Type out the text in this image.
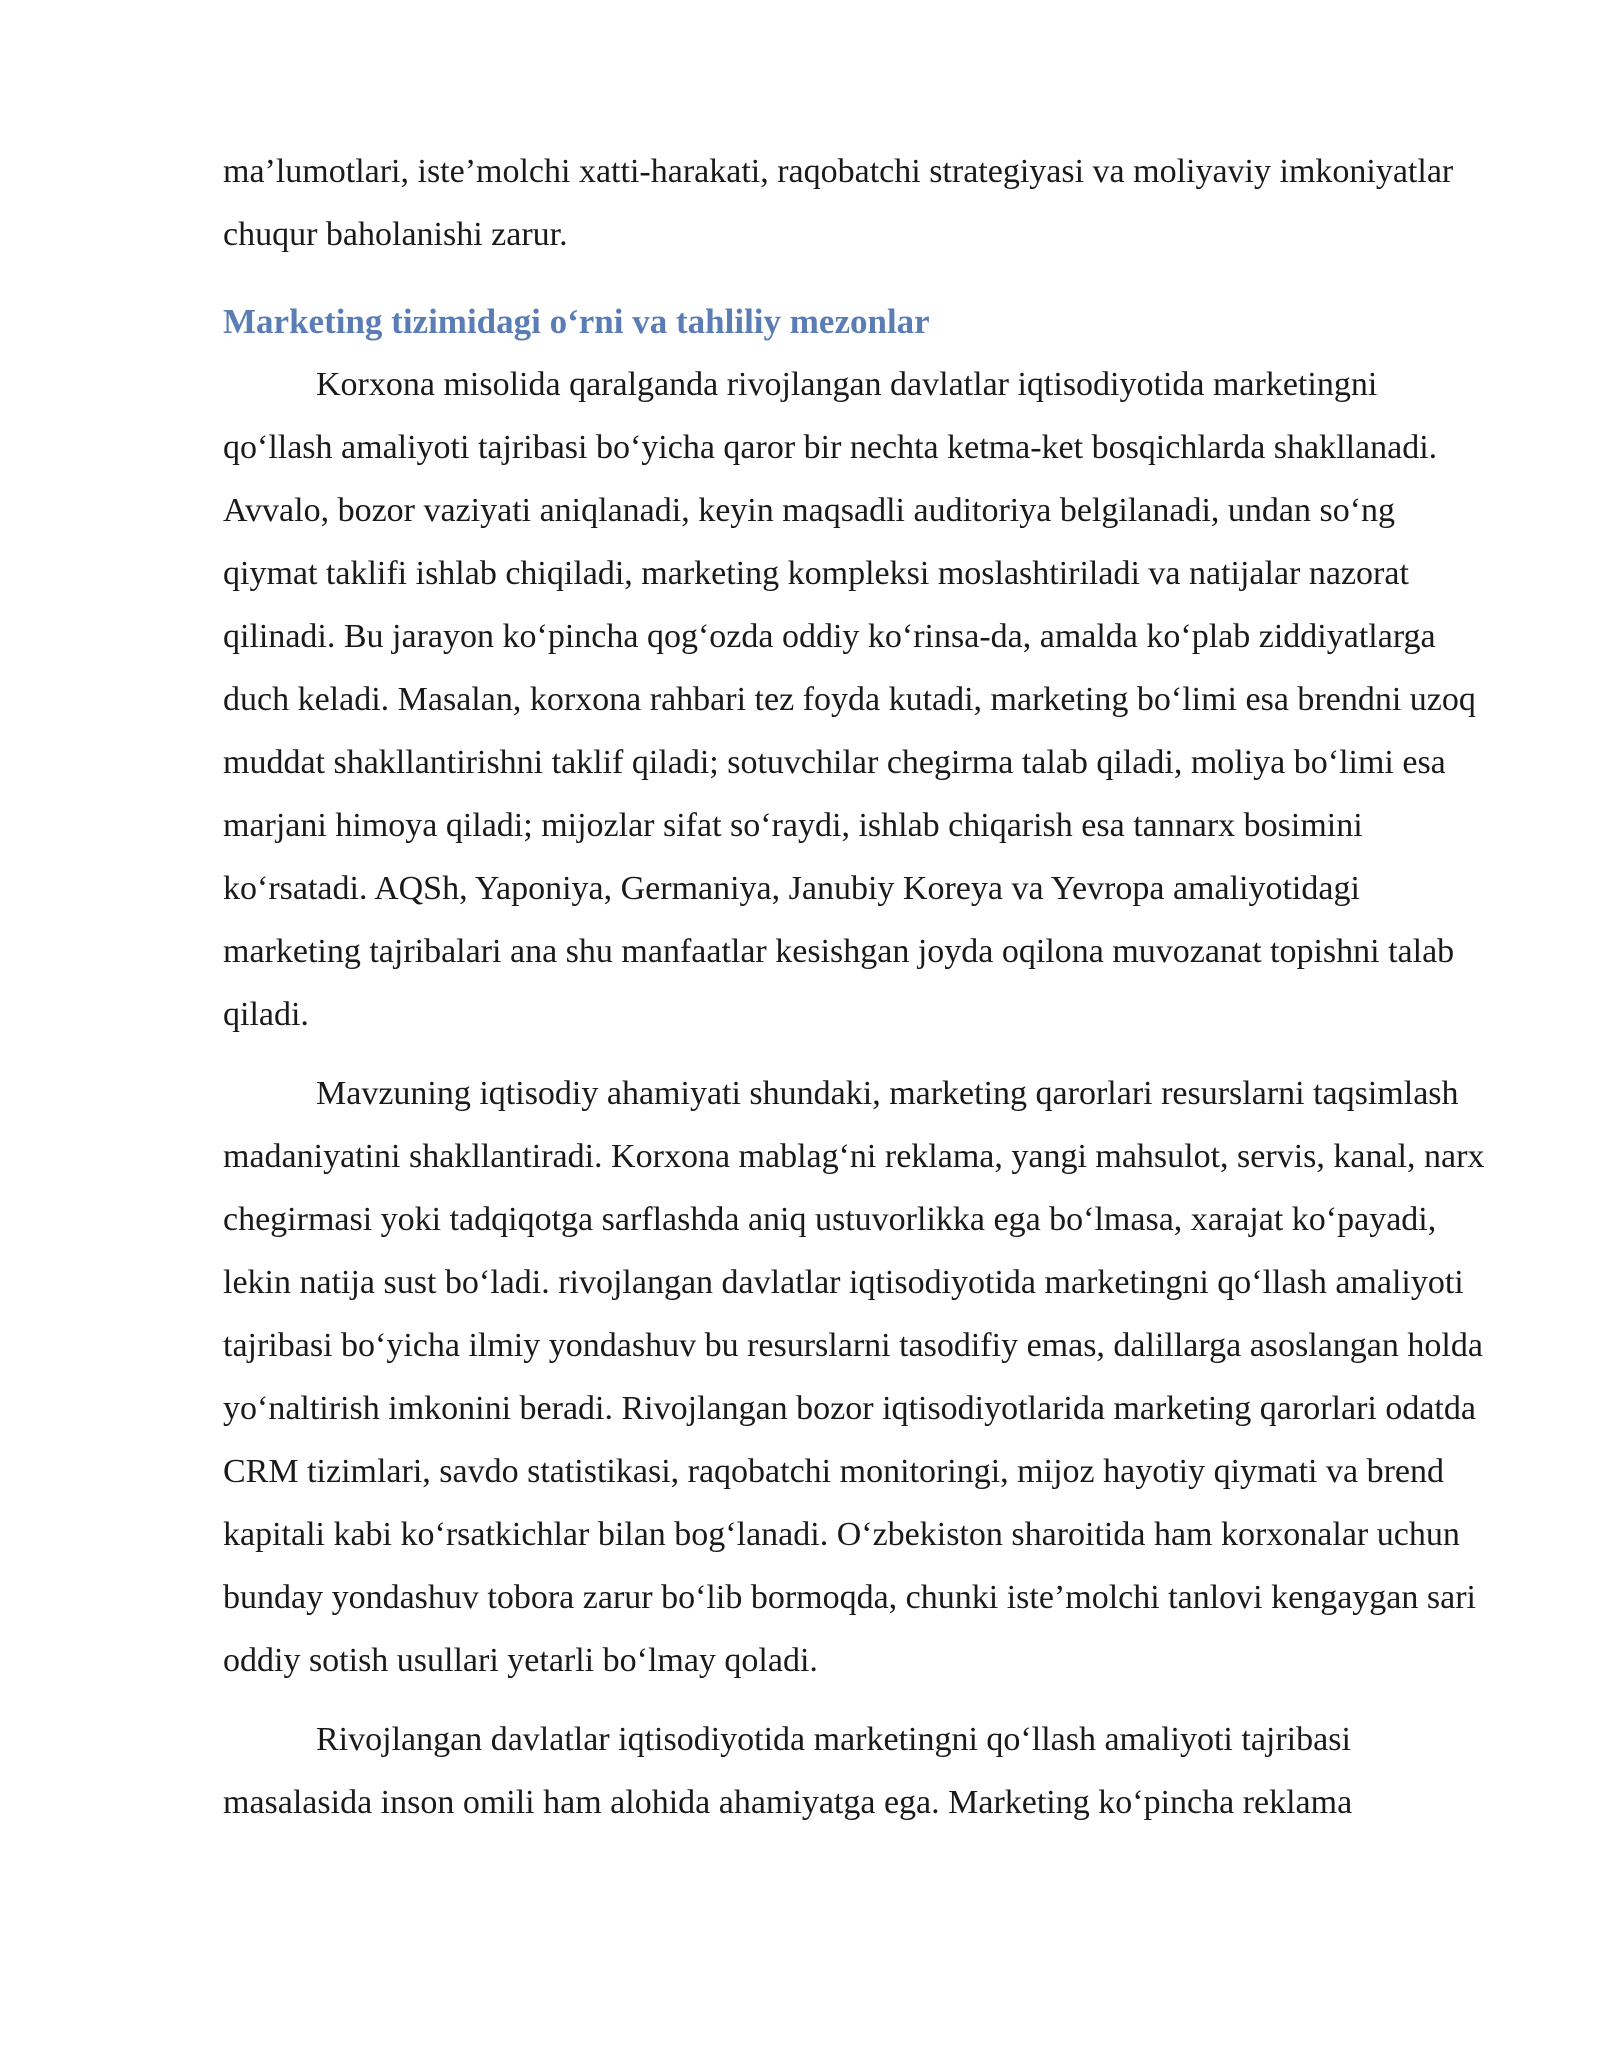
ma’lumotlari, iste’molchi xatti-harakati, raqobatchi strategiyasi va moliyaviy imkoniyatlar chuqur baholanishi zarur.

Marketing tizimidagi o‘rni va tahliliy mezonlar

Korxona misolida qaralganda rivojlangan davlatlar iqtisodiyotida marketingni qo‘llash amaliyoti tajribasi bo‘yicha qaror bir nechta ketma-ket bosqichlarda shakllanadi. Avvalo, bozor vaziyati aniqlanadi, keyin maqsadli auditoriya belgilanadi, undan so‘ng qiymat taklifi ishlab chiqiladi, marketing kompleksi moslashtiriladi va natijalar nazorat qilinadi. Bu jarayon ko‘pincha qog‘ozda oddiy ko‘rinsa-da, amalda ko‘plab ziddiyatlarga duch keladi. Masalan, korxona rahbari tez foyda kutadi, marketing bo‘limi esa brendni uzoq muddat shakllantirishni taklif qiladi; sotuvchilar chegirma talab qiladi, moliya bo‘limi esa marjani himoya qiladi; mijozlar sifat so‘raydi, ishlab chiqarish esa tannarx bosimini ko‘rsatadi. AQSh, Yaponiya, Germaniya, Janubiy Koreya va Yevropa amaliyotidagi marketing tajribalari ana shu manfaatlar kesishgan joyda oqilona muvozanat topishni talab qiladi.

Mavzuning iqtisodiy ahamiyati shundaki, marketing qarorlari resurslarni taqsimlash madaniyatini shakllantiradi. Korxona mablag‘ni reklama, yangi mahsulot, servis, kanal, narx chegirmasi yoki tadqiqotga sarflashda aniq ustuvorlikka ega bo‘lmasa, xarajat ko‘payadi, lekin natija sust bo‘ladi. rivojlangan davlatlar iqtisodiyotida marketingni qo‘llash amaliyoti tajribasi bo‘yicha ilmiy yondashuv bu resurslarni tasodifiy emas, dalillarga asoslangan holda yo‘naltirish imkonini beradi. Rivojlangan bozor iqtisodiyotlarida marketing qarorlari odatda CRM tizimlari, savdo statistikasi, raqobatchi monitoringi, mijoz hayotiy qiymati va brend kapitali kabi ko‘rsatkichlar bilan bog‘lanadi. O‘zbekiston sharoitida ham korxonalar uchun bunday yondashuv tobora zarur bo‘lib bormoqda, chunki iste’molchi tanlovi kengaygan sari oddiy sotish usullari yetarli bo‘lmay qoladi.

Rivojlangan davlatlar iqtisodiyotida marketingni qo‘llash amaliyoti tajribasi masalasida inson omili ham alohida ahamiyatga ega. Marketing ko‘pincha reklama
